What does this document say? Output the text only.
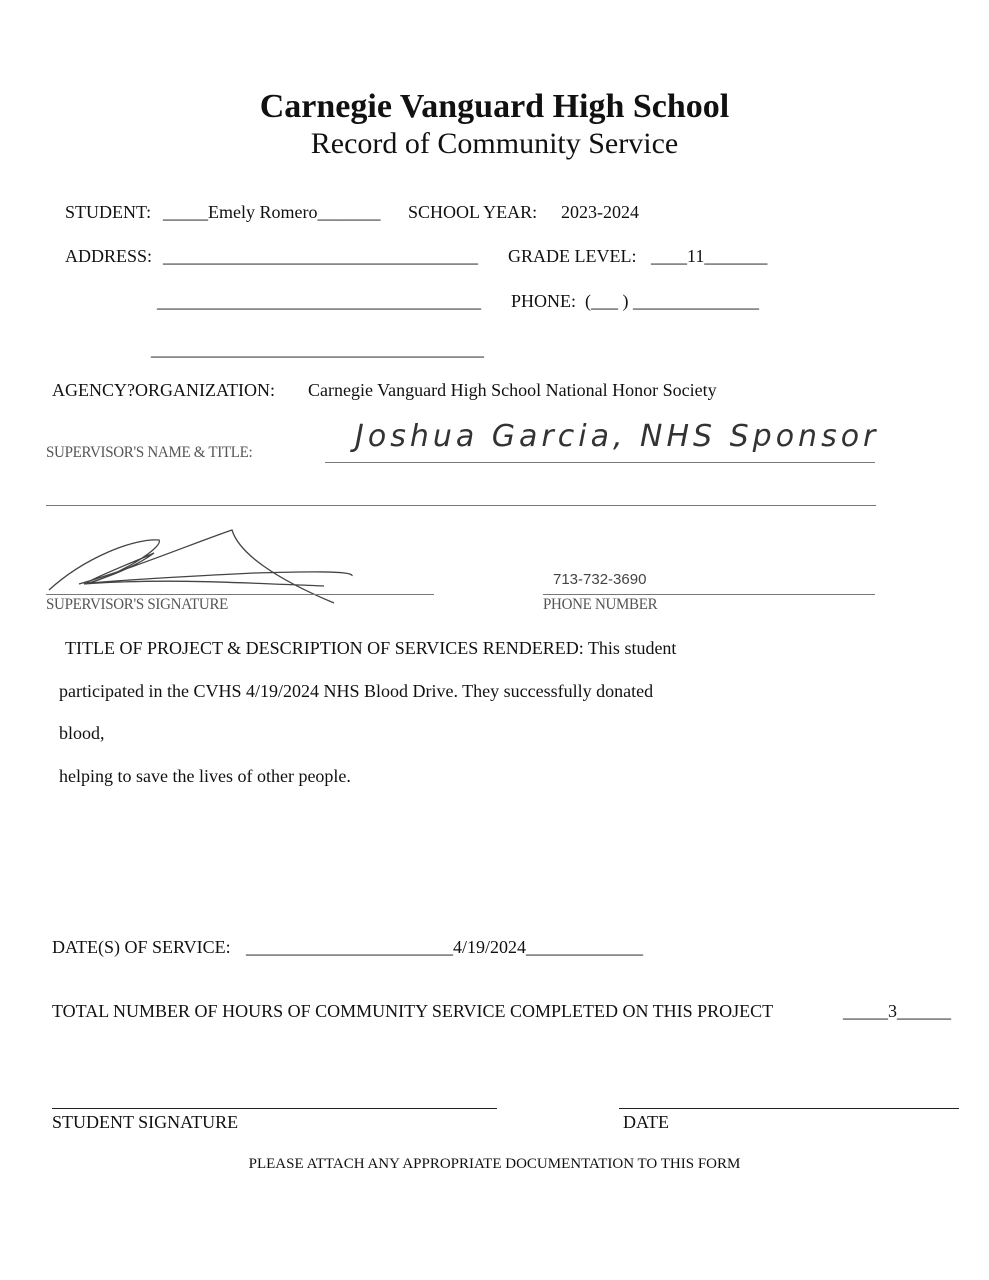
Carnegie Vanguard High School
Record of Community Service
STUDENT: _____Emely Romero_______ SCHOOL YEAR: 2023-2024
ADDRESS: ___________________________________ GRADE LEVEL: ____11_______
____________________________________ PHONE: (___ ) ______________
_____________________________________
AGENCY?ORGANIZATION: Carnegie Vanguard High School National Honor Society
SUPERVISOR'S NAME & TITLE:	Joshua Garcia, NHS Sponsor
SUPERVISOR'S SIGNATURE
713-732-3690
PHONE NUMBER
TITLE OF PROJECT & DESCRIPTION OF SERVICES RENDERED: This student
participated in the CVHS 4/19/2024 NHS Blood Drive. They successfully donated
blood,
helping to save the lives of other people.
DATE(S) OF SERVICE: _______________________4/19/2024_____________
TOTAL NUMBER OF HOURS OF COMMUNITY SERVICE COMPLETED ON THIS PROJECT	_____3______
STUDENT SIGNATURE	DATE
PLEASE ATTACH ANY APPROPRIATE DOCUMENTATION TO THIS FORM
